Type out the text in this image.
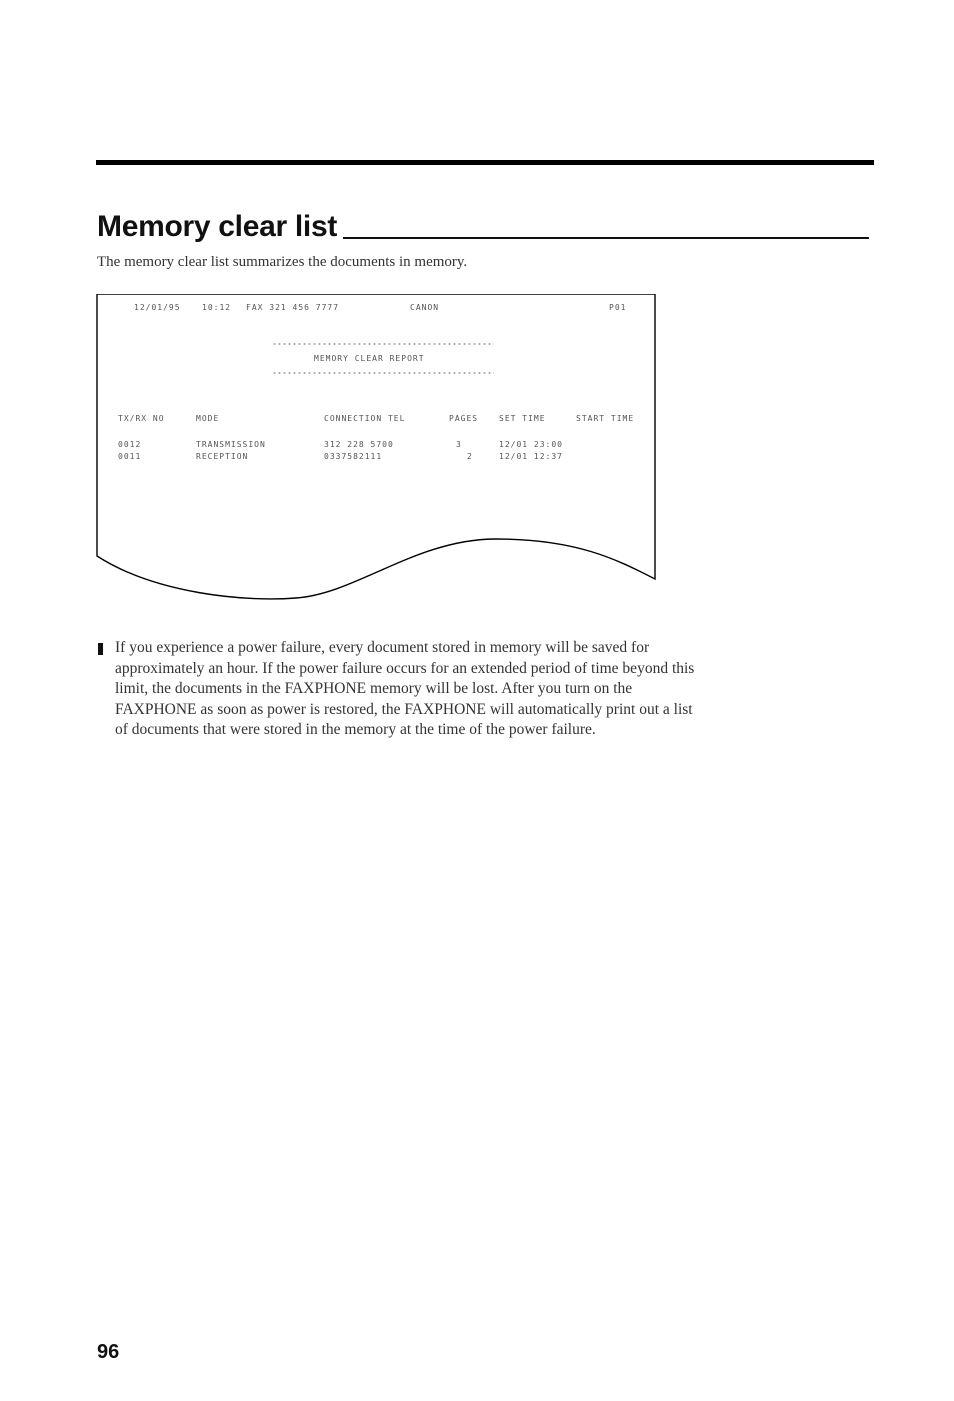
Memory clear list
The memory clear list summarizes the documents in memory.
12/01/95	10:12 FAX 321 456 7777	CANON	P01
MEMORY CLEAR REPORT
TX/RX NO	MODE	CONNECTION TEL	PAGES	SET TIME	START TIME
0012	TRANSMISSION	312 228 5700	3	12/01 23:00
0011	RECEPTION	0337582111	2	12/01 12:37
If you experience a power failure, every document stored in memory will be saved for approximately an hour. If the power failure occurs for an extended period of time beyond this limit, the documents in the FAXPHONE memory will be lost. After you turn on the FAXPHONE as soon as power is restored, the FAXPHONE will automatically print out a list of documents that were stored in the memory at the time of the power failure.
96
